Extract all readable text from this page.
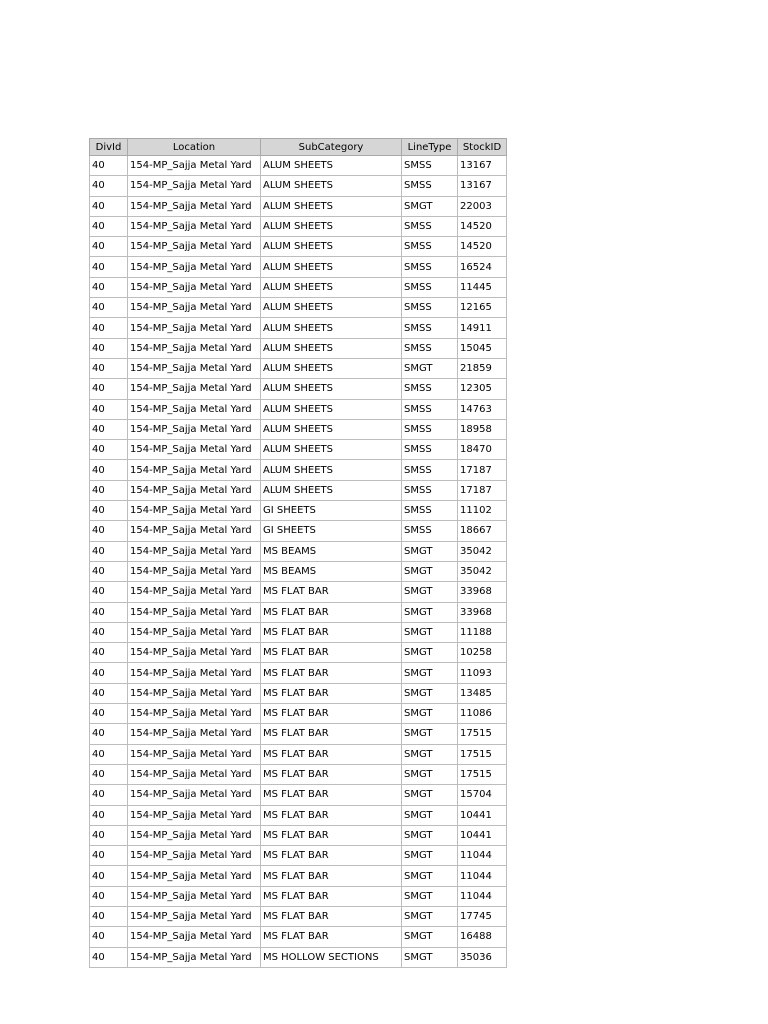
DivId	Location	SubCategory	LineType	StockID
40	154-MP_Sajja Metal Yard	ALUM SHEETS	SMSS	13167
40	154-MP_Sajja Metal Yard	ALUM SHEETS	SMSS	13167
40	154-MP_Sajja Metal Yard	ALUM SHEETS	SMGT	22003
40	154-MP_Sajja Metal Yard	ALUM SHEETS	SMSS	14520
40	154-MP_Sajja Metal Yard	ALUM SHEETS	SMSS	14520
40	154-MP_Sajja Metal Yard	ALUM SHEETS	SMSS	16524
40	154-MP_Sajja Metal Yard	ALUM SHEETS	SMSS	11445
40	154-MP_Sajja Metal Yard	ALUM SHEETS	SMSS	12165
40	154-MP_Sajja Metal Yard	ALUM SHEETS	SMSS	14911
40	154-MP_Sajja Metal Yard	ALUM SHEETS	SMSS	15045
40	154-MP_Sajja Metal Yard	ALUM SHEETS	SMGT	21859
40	154-MP_Sajja Metal Yard	ALUM SHEETS	SMSS	12305
40	154-MP_Sajja Metal Yard	ALUM SHEETS	SMSS	14763
40	154-MP_Sajja Metal Yard	ALUM SHEETS	SMSS	18958
40	154-MP_Sajja Metal Yard	ALUM SHEETS	SMSS	18470
40	154-MP_Sajja Metal Yard	ALUM SHEETS	SMSS	17187
40	154-MP_Sajja Metal Yard	ALUM SHEETS	SMSS	17187
40	154-MP_Sajja Metal Yard	GI SHEETS	SMSS	11102
40	154-MP_Sajja Metal Yard	GI SHEETS	SMSS	18667
40	154-MP_Sajja Metal Yard	MS BEAMS	SMGT	35042
40	154-MP_Sajja Metal Yard	MS BEAMS	SMGT	35042
40	154-MP_Sajja Metal Yard	MS FLAT BAR	SMGT	33968
40	154-MP_Sajja Metal Yard	MS FLAT BAR	SMGT	33968
40	154-MP_Sajja Metal Yard	MS FLAT BAR	SMGT	11188
40	154-MP_Sajja Metal Yard	MS FLAT BAR	SMGT	10258
40	154-MP_Sajja Metal Yard	MS FLAT BAR	SMGT	11093
40	154-MP_Sajja Metal Yard	MS FLAT BAR	SMGT	13485
40	154-MP_Sajja Metal Yard	MS FLAT BAR	SMGT	11086
40	154-MP_Sajja Metal Yard	MS FLAT BAR	SMGT	17515
40	154-MP_Sajja Metal Yard	MS FLAT BAR	SMGT	17515
40	154-MP_Sajja Metal Yard	MS FLAT BAR	SMGT	17515
40	154-MP_Sajja Metal Yard	MS FLAT BAR	SMGT	15704
40	154-MP_Sajja Metal Yard	MS FLAT BAR	SMGT	10441
40	154-MP_Sajja Metal Yard	MS FLAT BAR	SMGT	10441
40	154-MP_Sajja Metal Yard	MS FLAT BAR	SMGT	11044
40	154-MP_Sajja Metal Yard	MS FLAT BAR	SMGT	11044
40	154-MP_Sajja Metal Yard	MS FLAT BAR	SMGT	11044
40	154-MP_Sajja Metal Yard	MS FLAT BAR	SMGT	17745
40	154-MP_Sajja Metal Yard	MS FLAT BAR	SMGT	16488
40	154-MP_Sajja Metal Yard	MS HOLLOW SECTIONS	SMGT	35036
